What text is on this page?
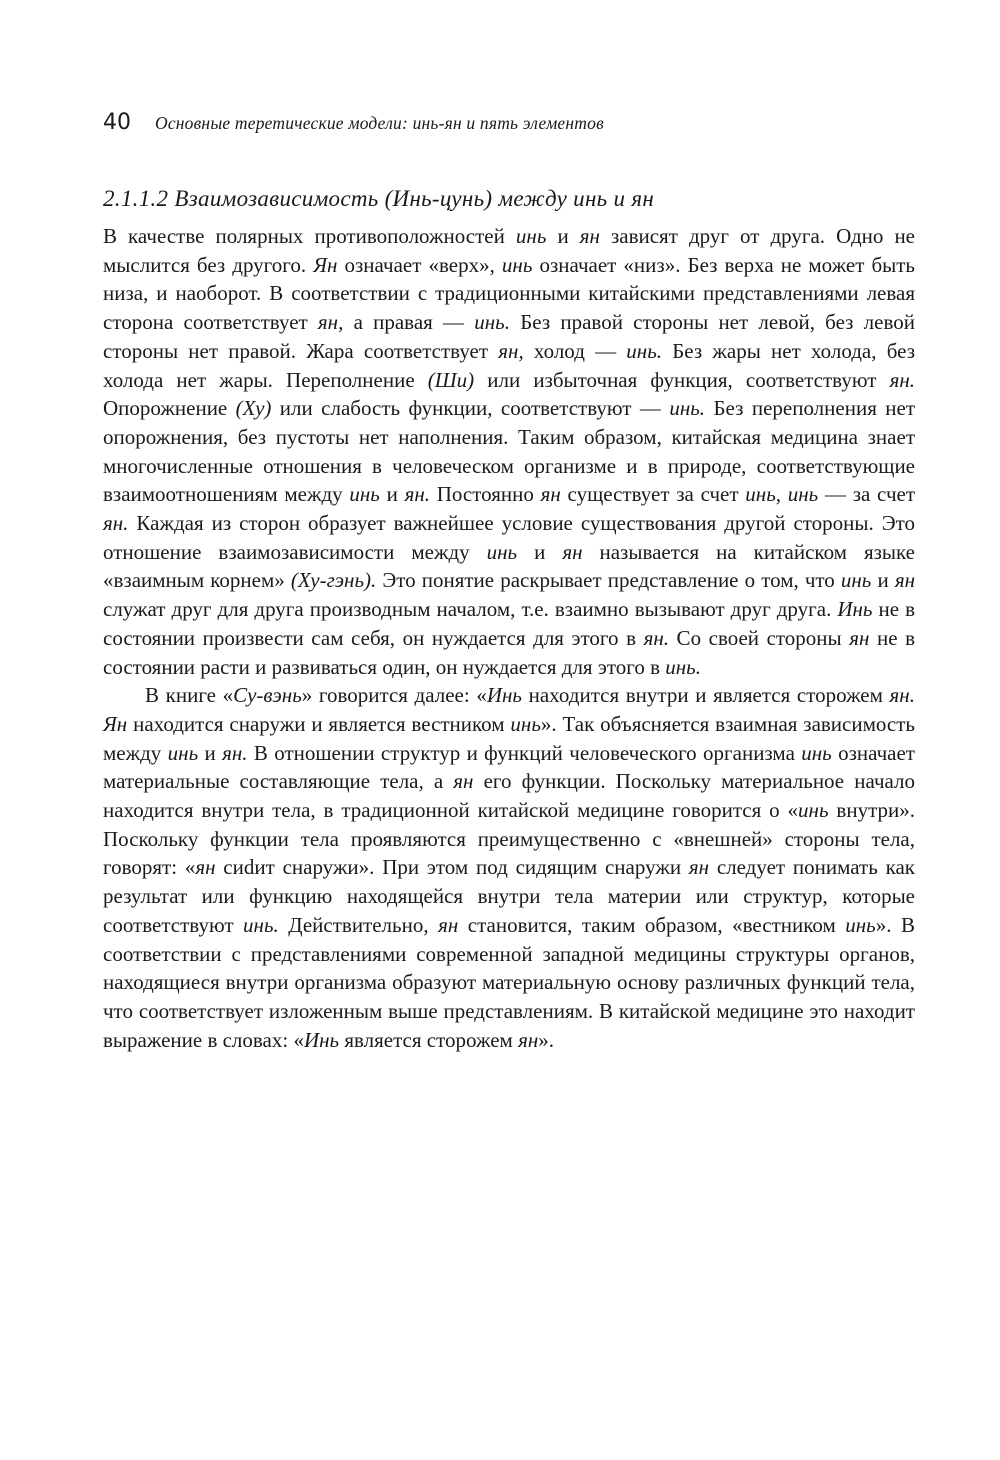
40 Основные теретические модели: инь-ян и пять элементов
2.1.1.2 Взаимозависимость (Инь-цунь) между инь и ян

В качестве полярных противоположностей инь и ян зависят друг от друга. Одно не мыслится без другого. Ян означает «верх», инь означает «низ». Без верха не может быть низа, и наоборот. В соответствии с традиционными китайскими представлениями левая сторона соответствует ян, а правая — инь. Без правой стороны нет левой, без левой стороны нет правой. Жара соответствует ян, холод — инь. Без жары нет холода, без холода нет жары. Переполнение (Ши) или избыточная функция, соответствуют ян. Опорожнение (Ху) или слабость функции, соответствуют — инь. Без переполнения нет опорожнения, без пустоты нет наполнения. Таким образом, китайская медицина знает многочисленные отношения в человеческом организме и в природе, соответствующие взаимоотношениям между инь и ян. Постоянно ян существует за счет инь, инь — за счет ян. Каждая из сторон образует важнейшее условие существования другой стороны. Это отношение взаимозависимости между инь и ян называется на китайском языке «взаимным корнем» (Ху-гэнь). Это понятие раскрывает представление о том, что инь и ян служат друг для друга производным началом, т.е. взаимно вызывают друг друга. Инь не в состоянии произвести сам себя, он нуждается для этого в ян. Со своей стороны ян не в состоянии расти и развиваться один, он нуждается для этого в инь.

В книге «Су-вэнь» говорится далее: «Инь находится внутри и является сторожем ян. Ян находится снаружи и является вестником инь». Так объясняется взаимная зависимость между инь и ян. В отношении структур и функций человеческого организма инь означает материальные составляющие тела, а ян его функции. Поскольку материальное начало находится внутри тела, в традиционной китайской медицине говорится о «инь внутри». Поскольку функции тела проявляются преимущественно с «внешней» стороны тела, говорят: «ян сиdит снаружи». При этом под сидящим снаружи ян следует понимать как результат или функцию находящейся внутри тела материи или структур, которые соответствуют инь. Действительно, ян становится, таким образом, «вестником инь». В соответствии с представлениями современной западной медицины структуры органов, находящиеся внутри организма образуют материальную основу различных функций тела, что соответствует изложенным выше представлениям. В китайской медицине это находит выражение в словах: «Инь является сторожем ян».
